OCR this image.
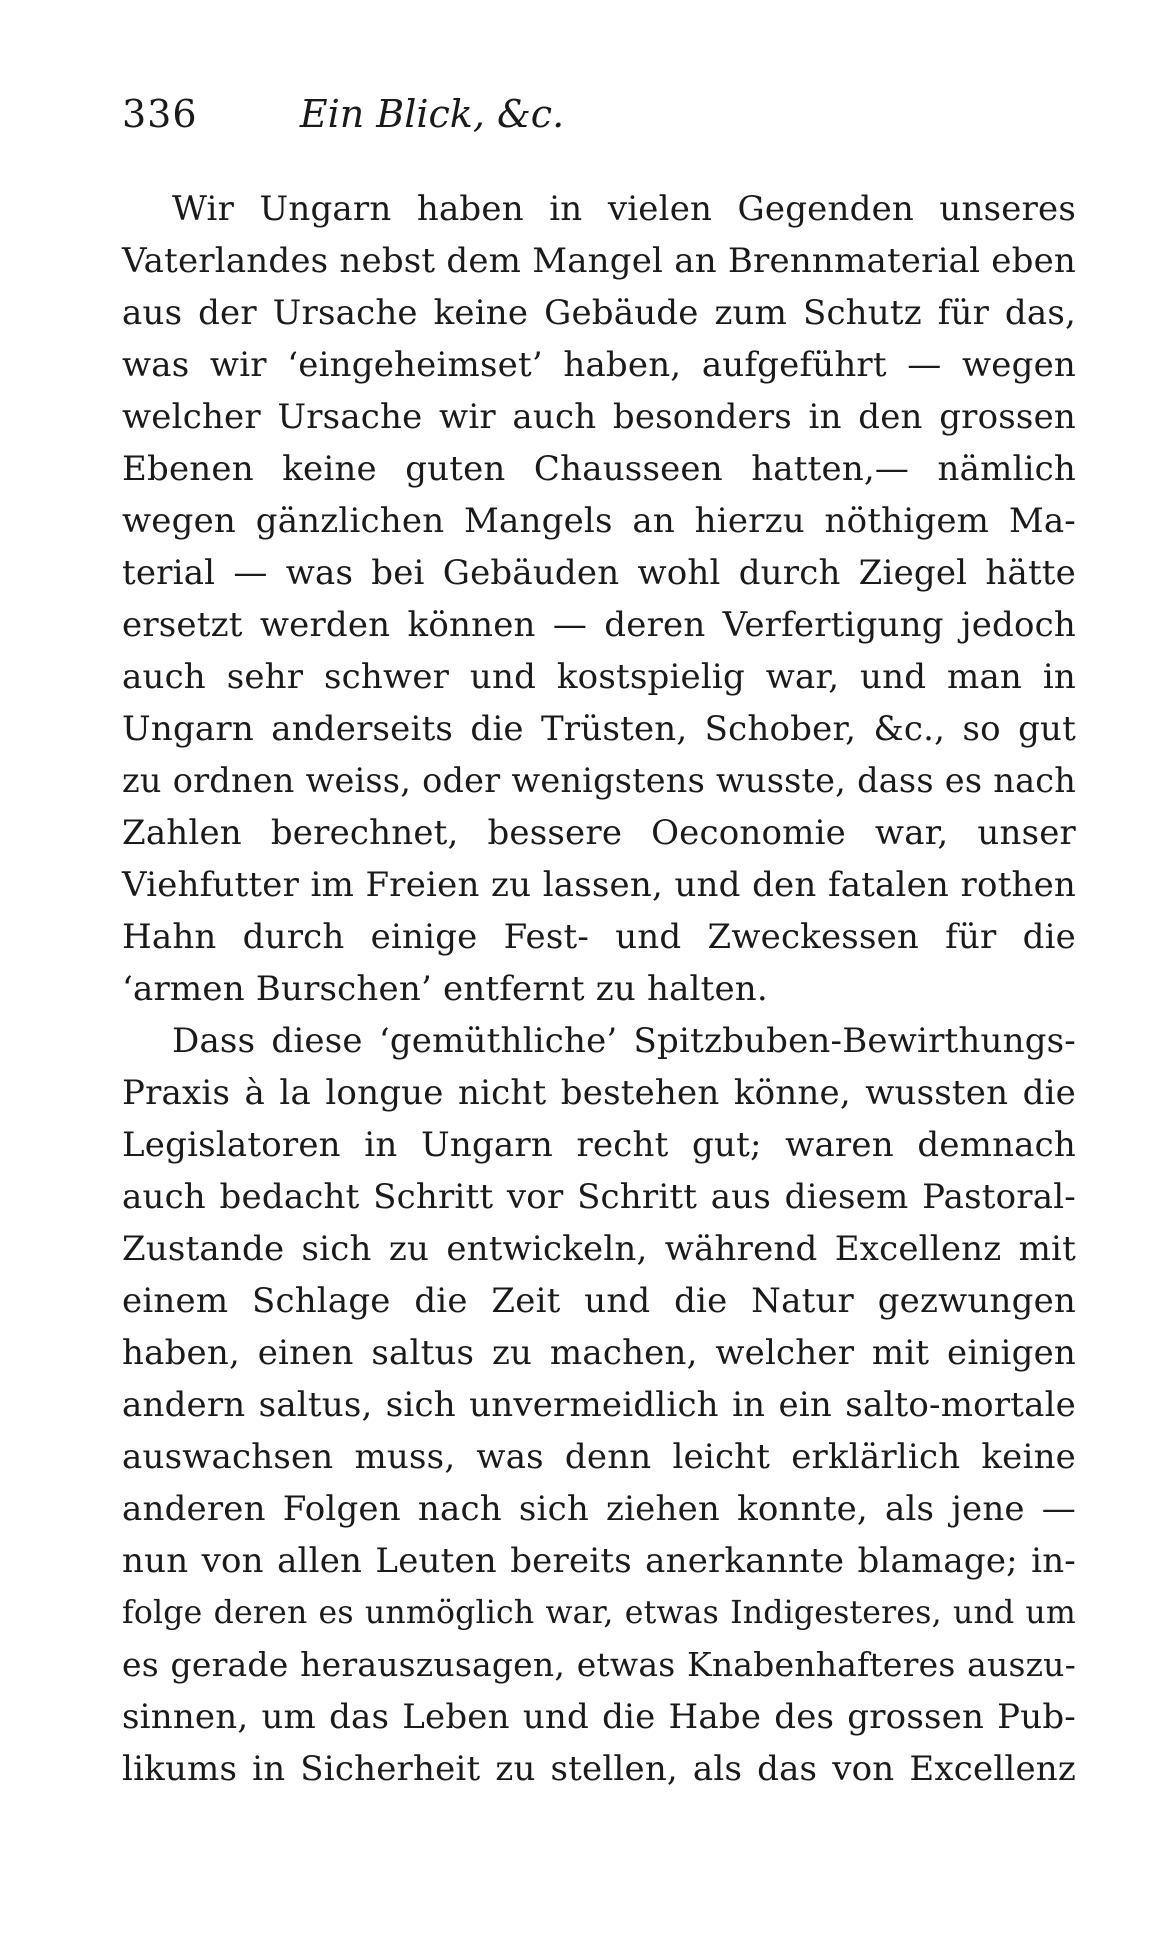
336	Ein Blick, &c.
Wir Ungarn haben in vielen Gegenden unseres
Vaterlandes nebst dem Mangel an Brennmaterial eben
aus der Ursache keine Gebäude zum Schutz für das,
was wir ‘eingeheimset’ haben, aufgeführt — wegen
welcher Ursache wir auch besonders in den grossen
Ebenen keine guten Chausseen hatten,— nämlich
wegen gänzlichen Mangels an hierzu nöthigem Ma-
terial — was bei Gebäuden wohl durch Ziegel hätte
ersetzt werden können — deren Verfertigung jedoch
auch sehr schwer und kostspielig war, und man in
Ungarn anderseits die Trüsten, Schober, &c., so gut
zu ordnen weiss, oder wenigstens wusste, dass es nach
Zahlen berechnet, bessere Oeconomie war, unser
Viehfutter im Freien zu lassen, und den fatalen rothen
Hahn durch einige Fest- und Zweckessen für die
‘armen Burschen’ entfernt zu halten.
Dass diese ‘gemüthliche’ Spitzbuben-Bewirthungs-
Praxis à la longue nicht bestehen könne, wussten die
Legislatoren in Ungarn recht gut; waren demnach
auch bedacht Schritt vor Schritt aus diesem Pastoral-
Zustande sich zu entwickeln, während Excellenz mit
einem Schlage die Zeit und die Natur gezwungen
haben, einen saltus zu machen, welcher mit einigen
andern saltus, sich unvermeidlich in ein salto-mortale
auswachsen muss, was denn leicht erklärlich keine
anderen Folgen nach sich ziehen konnte, als jene —
nun von allen Leuten bereits anerkannte blamage; in-
folge deren es unmöglich war, etwas Indigesteres, und um
es gerade herauszusagen, etwas Knabenhafteres auszu-
sinnen, um das Leben und die Habe des grossen Pub-
likums in Sicherheit zu stellen, als das von Excellenz
